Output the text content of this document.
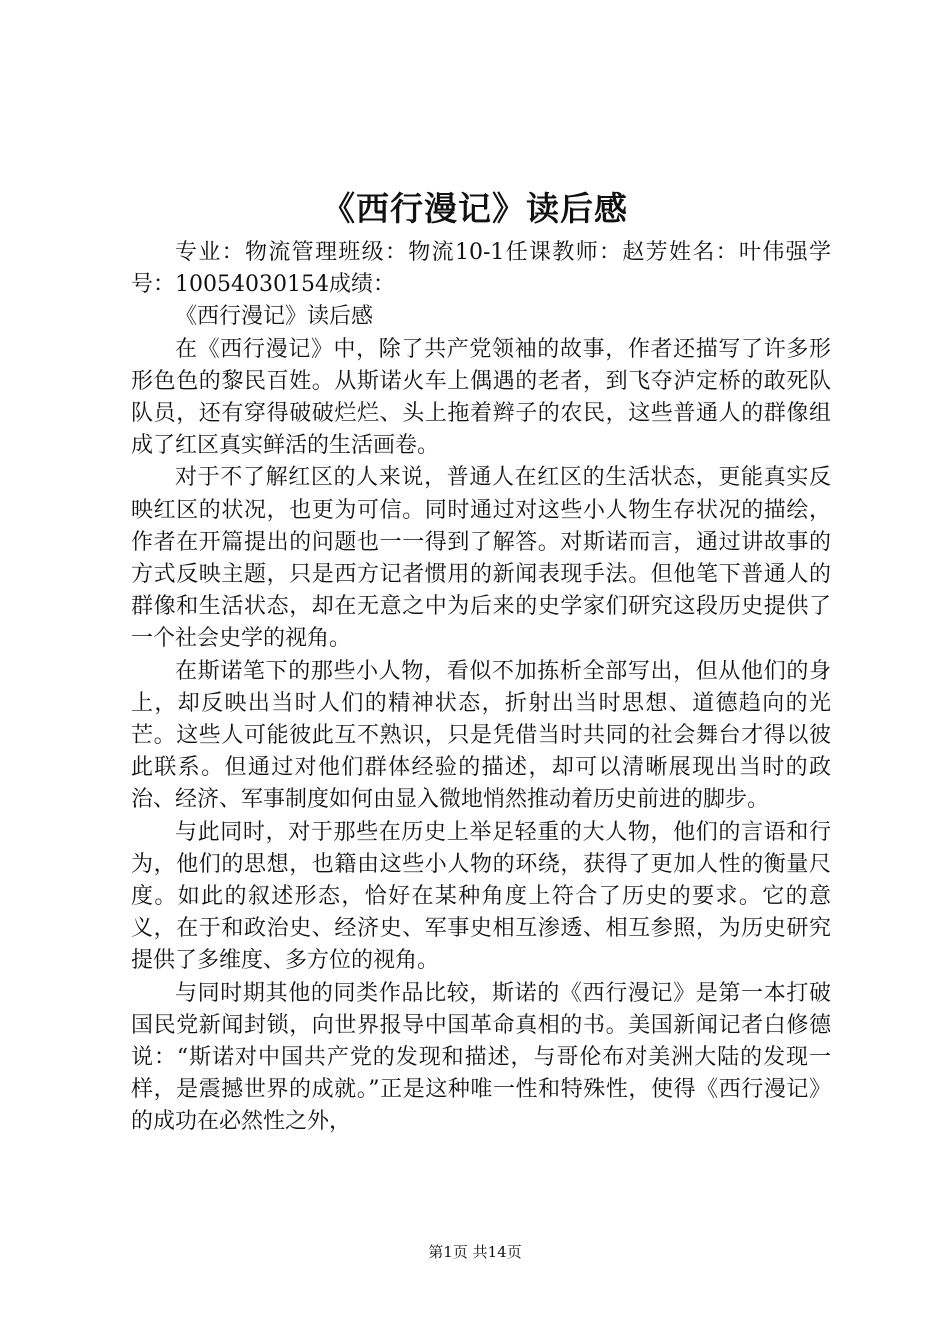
《西行漫记》读后感

专业：物流管理班级：物流10-1任课教师：赵芳姓名：叶伟强学号：10054030154成绩：

《西行漫记》读后感

在《西行漫记》中，除了共产党领袖的故事，作者还描写了许多形形色色的黎民百姓。从斯诺火车上偶遇的老者，到飞夺泸定桥的敢死队队员，还有穿得破破烂烂、头上拖着辫子的农民，这些普通人的群像组成了红区真实鲜活的生活画卷。

对于不了解红区的人来说，普通人在红区的生活状态，更能真实反映红区的状况，也更为可信。同时通过对这些小人物生存状况的描绘，作者在开篇提出的问题也一一得到了解答。对斯诺而言，通过讲故事的方式反映主题，只是西方记者惯用的新闻表现手法。但他笔下普通人的群像和生活状态，却在无意之中为后来的史学家们研究这段历史提供了一个社会史学的视角。

在斯诺笔下的那些小人物，看似不加拣析全部写出，但从他们的身上，却反映出当时人们的精神状态，折射出当时思想、道德趋向的光芒。这些人可能彼此互不熟识，只是凭借当时共同的社会舞台才得以彼此联系。但通过对他们群体经验的描述，却可以清晰展现出当时的政治、经济、军事制度如何由显入微地悄然推动着历史前进的脚步。

与此同时，对于那些在历史上举足轻重的大人物，他们的言语和行为，他们的思想，也籍由这些小人物的环绕，获得了更加人性的衡量尺度。如此的叙述形态，恰好在某种角度上符合了历史的要求。它的意义，在于和政治史、经济史、军事史相互渗透、相互参照，为历史研究提供了多维度、多方位的视角。

与同时期其他的同类作品比较，斯诺的《西行漫记》是第一本打破国民党新闻封锁，向世界报导中国革命真相的书。美国新闻记者白修德说：“斯诺对中国共产党的发现和描述，与哥伦布对美洲大陆的发现一样，是震撼世界的成就。”正是这种唯一性和特殊性，使得《西行漫记》的成功在必然性之外，

第1页 共14页
